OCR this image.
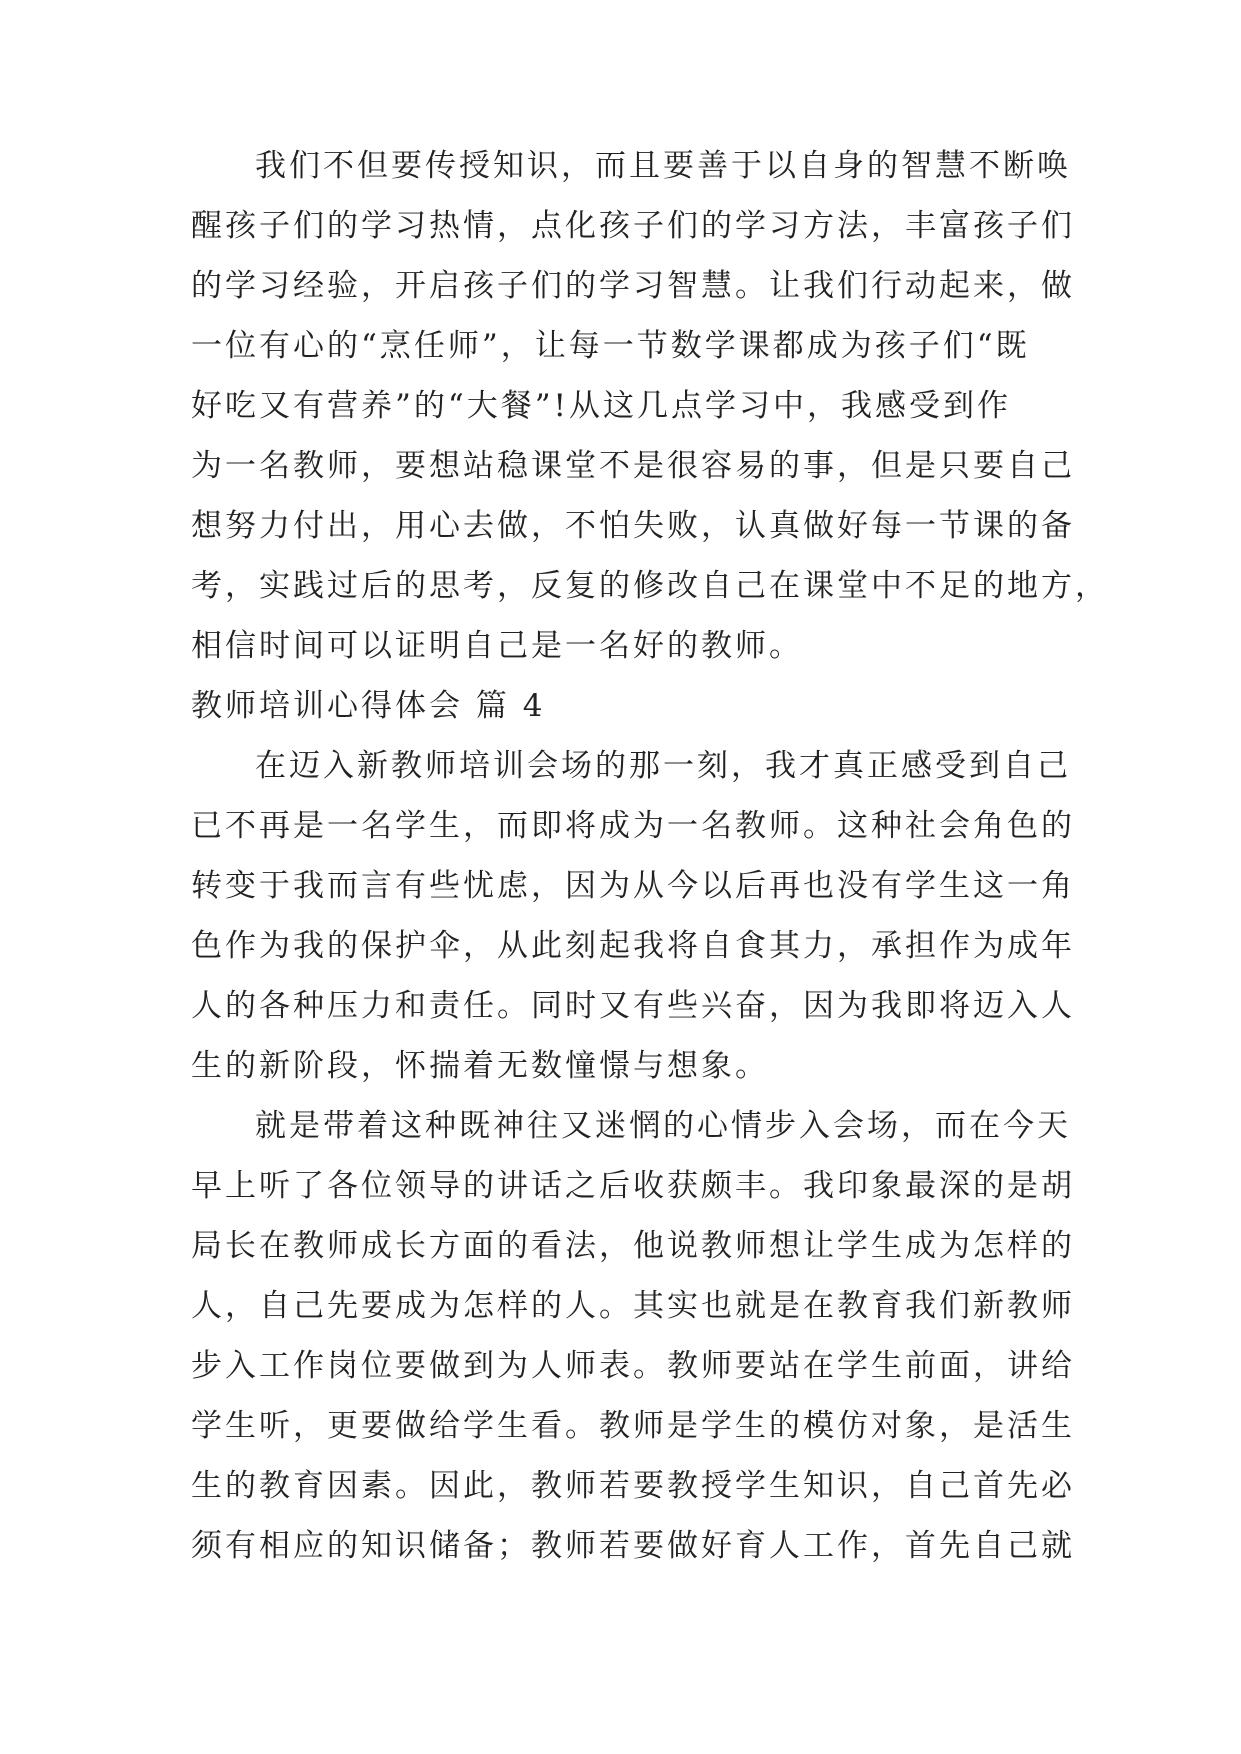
我们不但要传授知识，而且要善于以自身的智慧不断唤
醒孩子们的学习热情，点化孩子们的学习方法，丰富孩子们
的学习经验，开启孩子们的学习智慧。让我们行动起来，做
一位有心的“烹任师”，让每一节数学课都成为孩子们“既
好吃又有营养”的“大餐”!从这几点学习中，我感受到作
为一名教师，要想站稳课堂不是很容易的事，但是只要自己
想努力付出，用心去做，不怕失败，认真做好每一节课的备
考，实践过后的思考，反复的修改自己在课堂中不足的地方，
相信时间可以证明自己是一名好的教师。
教师培训心得体会 篇 4
在迈入新教师培训会场的那一刻，我才真正感受到自己
已不再是一名学生，而即将成为一名教师。这种社会角色的
转变于我而言有些忧虑，因为从今以后再也没有学生这一角
色作为我的保护伞，从此刻起我将自食其力，承担作为成年
人的各种压力和责任。同时又有些兴奋，因为我即将迈入人
生的新阶段，怀揣着无数憧憬与想象。
就是带着这种既神往又迷惘的心情步入会场，而在今天
早上听了各位领导的讲话之后收获颇丰。我印象最深的是胡
局长在教师成长方面的看法，他说教师想让学生成为怎样的
人，自己先要成为怎样的人。其实也就是在教育我们新教师
步入工作岗位要做到为人师表。教师要站在学生前面，讲给
学生听，更要做给学生看。教师是学生的模仿对象，是活生
生的教育因素。因此，教师若要教授学生知识，自己首先必
须有相应的知识储备；教师若要做好育人工作，首先自己就
